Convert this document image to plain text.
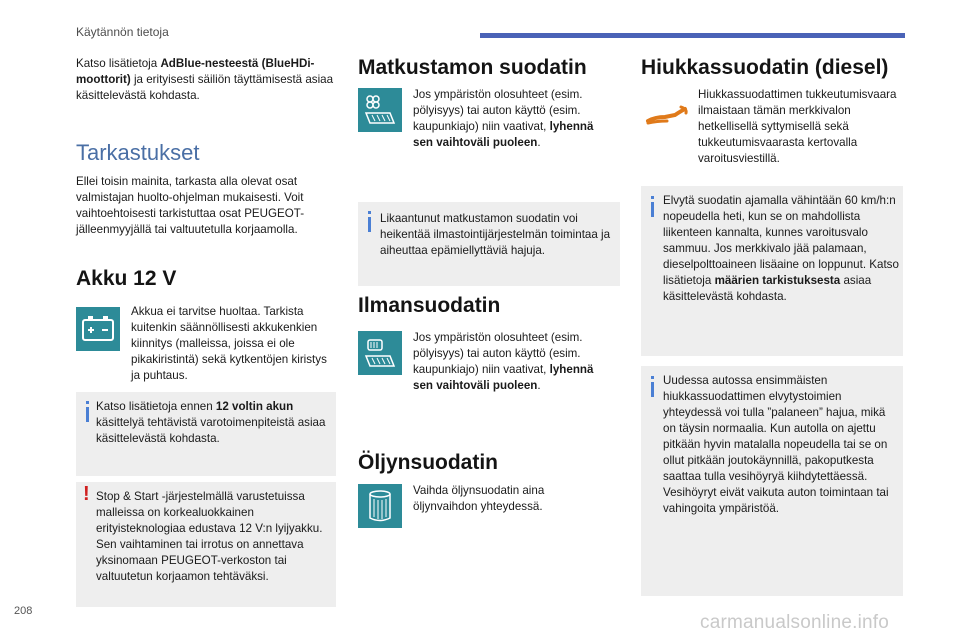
Käytännön tietoja

Katso lisätietoja AdBlue-nesteestä (BlueHDi-moottorit) ja erityisesti säiliön täyttämisestä asiaa käsittelevästä kohdasta.

Tarkastukset

Ellei toisin mainita, tarkasta alla olevat osat valmistajan huolto-ohjelman mukaisesti. Voit vaihtoehtoisesti tarkistuttaa osat PEUGEOT-jälleenmyyjällä tai valtuutetulla korjaamolla.

Akku 12 V

Akkua ei tarvitse huoltaa. Tarkista kuitenkin säännöllisesti akkukenkien kiinnitys (malleissa, joissa ei ole pikakiristintä) sekä kytkentöjen kiristys ja puhtaus.

Katso lisätietoja ennen 12 voltin akun käsittelyä tehtävistä varotoimenpiteistä asiaa käsittelevästä kohdasta.

! Stop & Start -järjestelmällä varustetuissa malleissa on korkealuokkainen erityisteknologiaa edustava 12 V:n lyijyakku. Sen vaihtaminen tai irrotus on annettava yksinomaan PEUGEOT-verkoston tai valtuutetun korjaamon tehtäväksi.

Matkustamon suodatin

Jos ympäristön olosuhteet (esim. pölyisyys) tai auton käyttö (esim. kaupunkiajo) niin vaativat, lyhennä sen vaihtoväli puoleen.

Likaantunut matkustamon suodatin voi heikentää ilmastointijärjestelmän toimintaa ja aiheuttaa epämiellyttäviä hajuja.

Ilmansuodatin

Jos ympäristön olosuhteet (esim. pölyisyys) tai auton käyttö (esim. kaupunkiajo) niin vaativat, lyhennä sen vaihtoväli puoleen.

Öljynsuodatin

Vaihda öljynsuodatin aina öljynvaihdon yhteydessä.

Hiukkassuodatin (diesel)

Hiukkassuodattimen tukkeutumisvaara ilmaistaan tämän merkkivalon hetkellisellä syttymisellä sekä tukkeutumisvaarasta kertovalla varoitusviestillä.

Elvytä suodatin ajamalla vähintään 60 km/h:n nopeudella heti, kun se on mahdollista liikenteen kannalta, kunnes varoitusvalo sammuu. Jos merkkivalo jää palamaan, dieselpolttoaineen lisäaine on loppunut. Katso lisätietoja määrien tarkistuksesta asiaa käsittelevästä kohdasta.

Uudessa autossa ensimmäisten hiukkassuodattimen elvytystoimien yhteydessä voi tulla ”palaneen” hajua, mikä on täysin normaalia. Kun autolla on ajettu pitkään hyvin matalalla nopeudella tai se on ollut pitkään joutokäynnillä, pakoputkesta saattaa tulla vesihöyryä kiihdytettäessä. Vesihöyryt eivät vaikuta auton toimintaan tai vahingoita ympäristöä.

208
carmanualsonline.info
